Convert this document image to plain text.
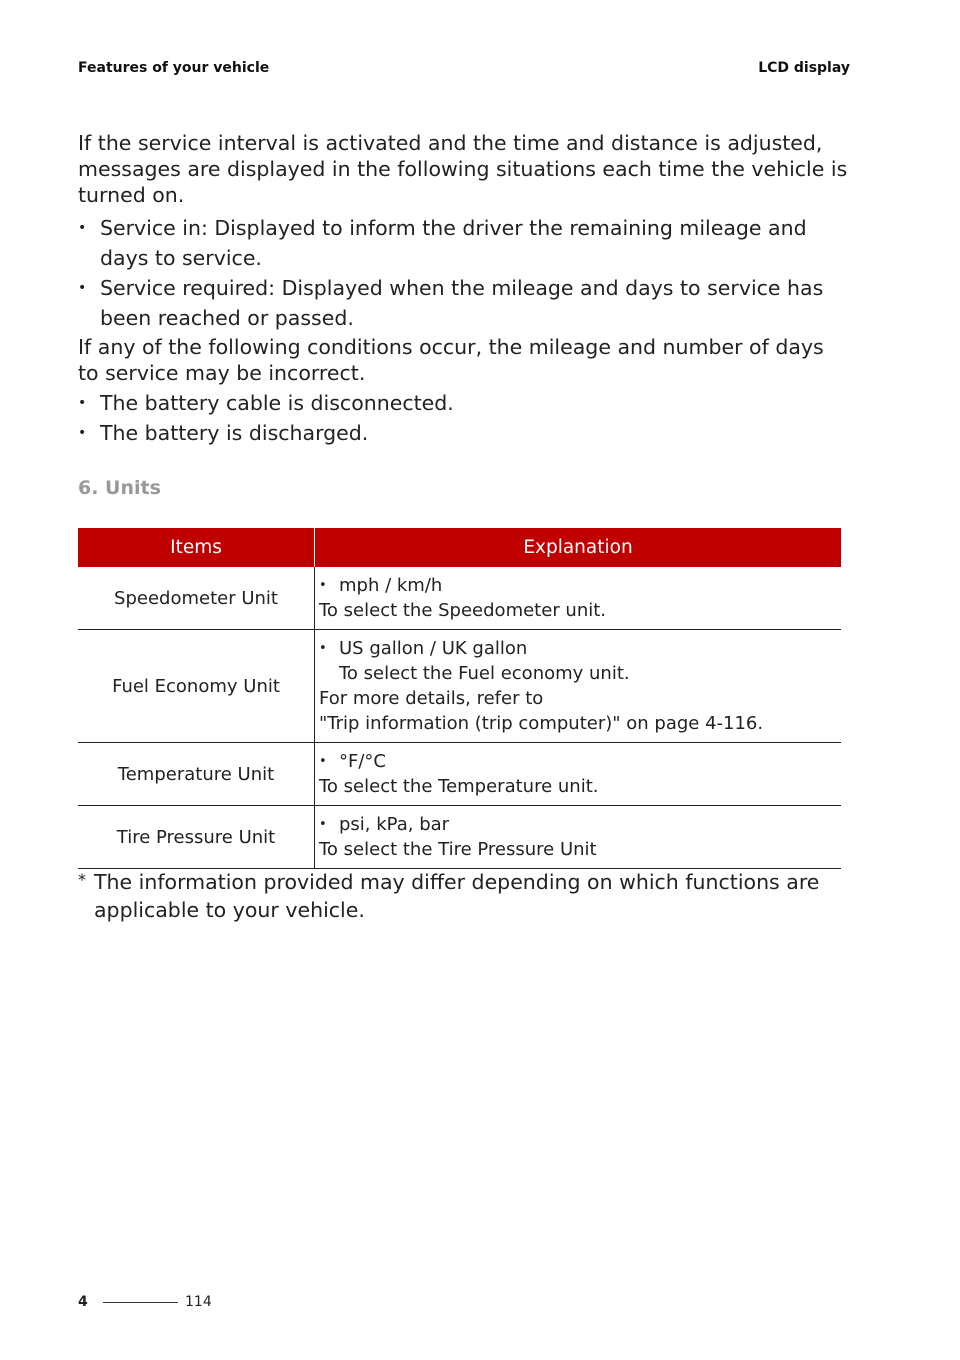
Features of your vehicle	LCD display
If the service interval is activated and the time and distance is adjusted, messages are displayed in the following situations each time the vehicle is turned on.
• Service in: Displayed to inform the driver the remaining mileage and days to service.
• Service required: Displayed when the mileage and days to service has been reached or passed.
If any of the following conditions occur, the mileage and number of days to service may be incorrect.
• The battery cable is disconnected.
• The battery is discharged.
6. Units
Items	Explanation
Speedometer Unit	• mph / km/h
To select the Speedometer unit.

Fuel Economy Unit	• US gallon / UK gallon
To select the Fuel economy unit.
For more details, refer to
"Trip information (trip computer)" on page 4-116.

Temperature Unit	• °F/°C
To select the Temperature unit.

Tire Pressure Unit	• psi, kPa, bar
To select the Tire Pressure Unit
* The information provided may differ depending on which functions are applicable to your vehicle.
4	114
